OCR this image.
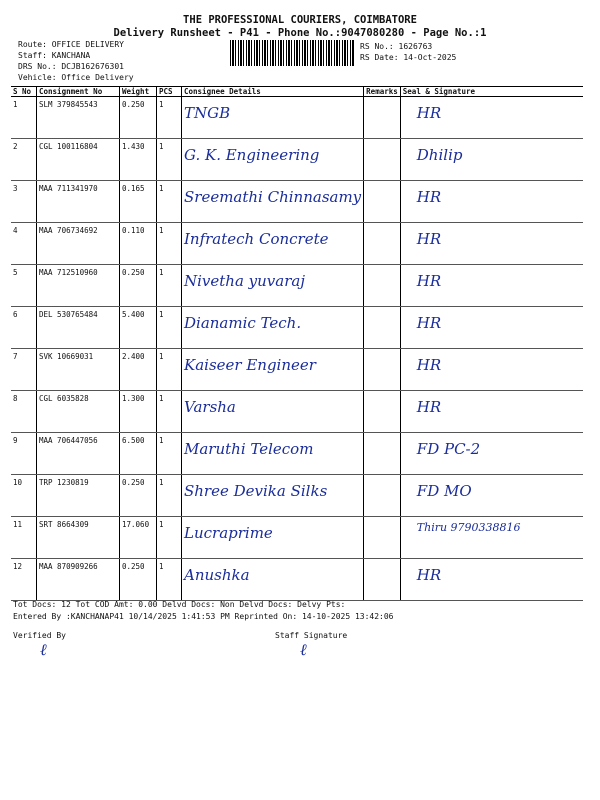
THE PROFESSIONAL COURIERS, COIMBATORE
Delivery Runsheet - P41 - Phone No.:9047080280 - Page No.:1
Route: OFFICE DELIVERY
Staff: KANCHANA
DRS No.: DCJB162676301
Vehicle: Office Delivery
RS No.: 1626763
RS Date: 14-Oct-2025
S No	Consignment No	Weight	PCS	Consignee Details	Remarks	Seal & Signature
1	SLM 379845543	0.250	1	TNGB		HR
2	CGL 100116804	1.430	1	G. K. Engineering		Dhilip
3	MAA 711341970	0.165	1	Sreemathi Chinnasamy		HR
4	MAA 706734692	0.110	1	Infratech Concrete		HR
5	MAA 712510960	0.250	1	Nivetha yuvaraj		HR
6	DEL 530765484	5.400	1	Dianamic Tech.		HR
7	SVK 10669031	2.400	1	Kaiseer Engineer		HR
8	CGL 6035828	1.300	1	Varsha		HR
9	MAA 706447056	6.500	1	Maruthi Telecom		FD PC-2
10	TRP 1230819	0.250	1	Shree Devika Silks		FD MO
11	SRT 8664309	17.060	1	Lucraprime		Thiru 9790338816
12	MAA 870909266	0.250	1	Anushka		HR
Tot Docs: 12 Tot COD Amt: 0.00 Delvd Docs: Non Delvd Docs: Delvy Pts:
Entered By :KANCHANAP41 10/14/2025 1:41:53 PM Reprinted On: 14-10-2025 13:42:06
Verified By	Staff Signature
ℓ	ℓ
